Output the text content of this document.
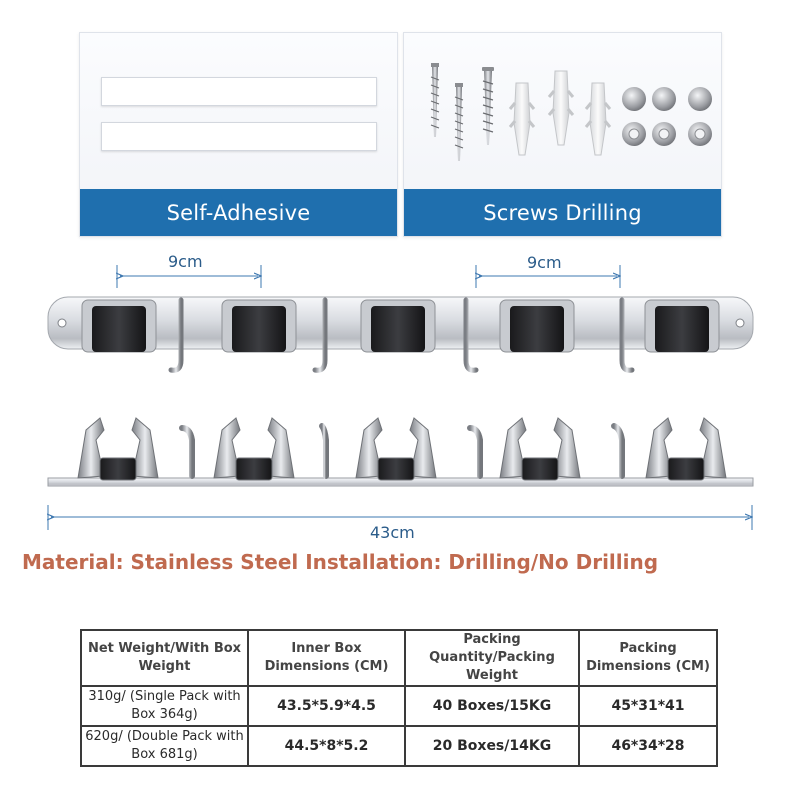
Self-Adhesive	Screws Drilling
9cm	9cm
43cm
Material: Stainless Steel Installation: Drilling/No Drilling
Net Weight/With Box Weight	Inner Box Dimensions (CM)	Packing Quantity/Packing Weight	Packing Dimensions (CM)
310g/ (Single Pack with Box 364g)	43.5*5.9*4.5	40 Boxes/15KG	45*31*41
620g/ (Double Pack with Box 681g)	44.5*8*5.2	20 Boxes/14KG	46*34*28
